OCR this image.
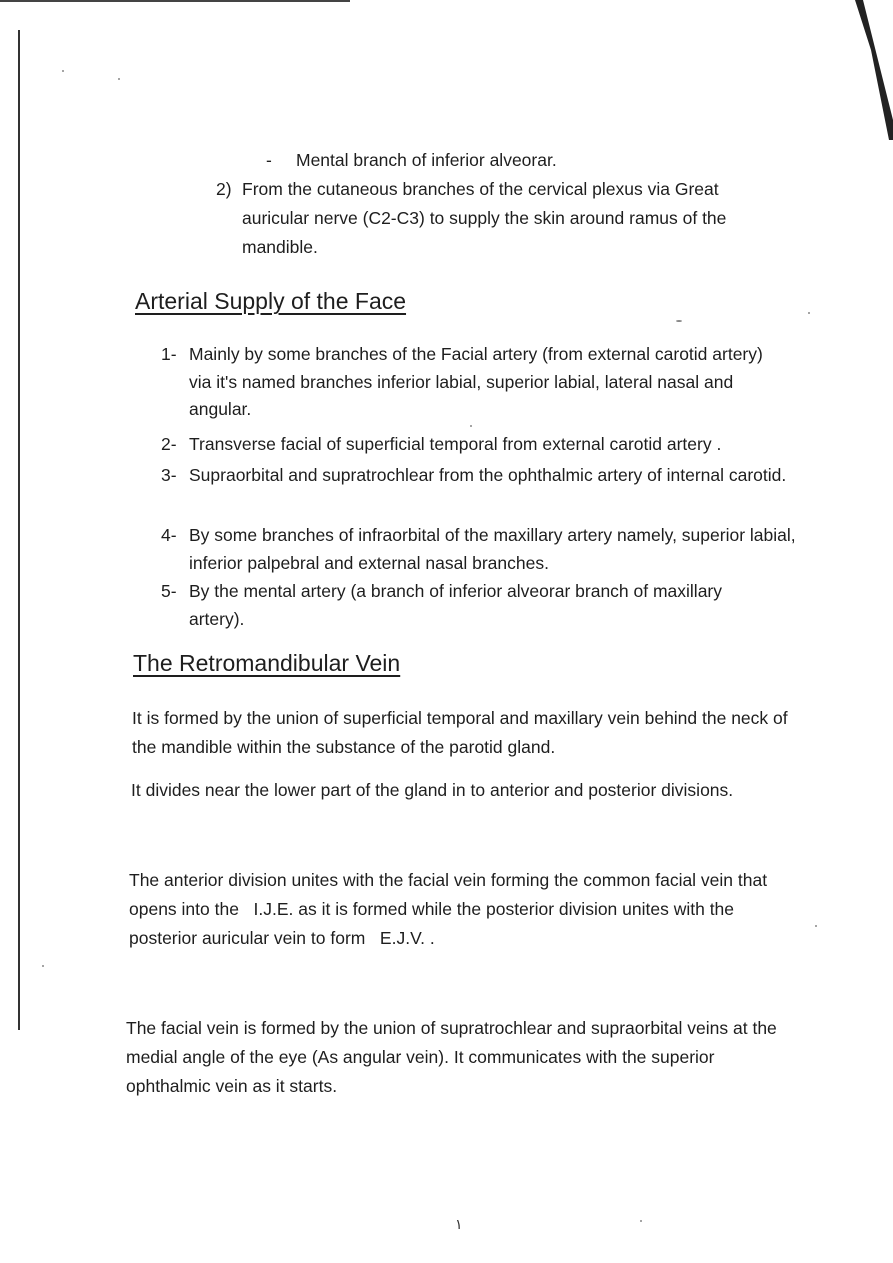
- Mental branch of inferior alveorar.
2) From the cutaneous branches of the cervical plexus via Great auricular nerve (C2-C3) to supply the skin around ramus of the mandible.
Arterial Supply of the Face
1- Mainly by some branches of the Facial artery (from external carotid artery) via it's named branches inferior labial, superior labial, lateral nasal and angular.
2- Transverse facial of superficial temporal from external carotid artery .
3- Supraorbital and supratrochlear from the ophthalmic artery of internal carotid.
4- By some branches of infraorbital of the maxillary artery namely, superior labial, inferior palpebral and external nasal branches.
5- By the mental artery (a branch of inferior alveorar branch of maxillary artery).
The Retromandibular Vein

It is formed by the union of superficial temporal and maxillary vein behind the neck of the mandible within the substance of the parotid gland.

It divides near the lower part of the gland in to anterior and posterior divisions.

The anterior division unites with the facial vein forming the common facial vein that opens into the   I.J.E. as it is formed while the posterior division unites with the posterior auricular vein to form   E.J.V. .

The facial vein is formed by the union of supratrochlear and supraorbital veins at the medial angle of the eye (As angular vein). It communicates with the superior ophthalmic vein as it starts.

١
